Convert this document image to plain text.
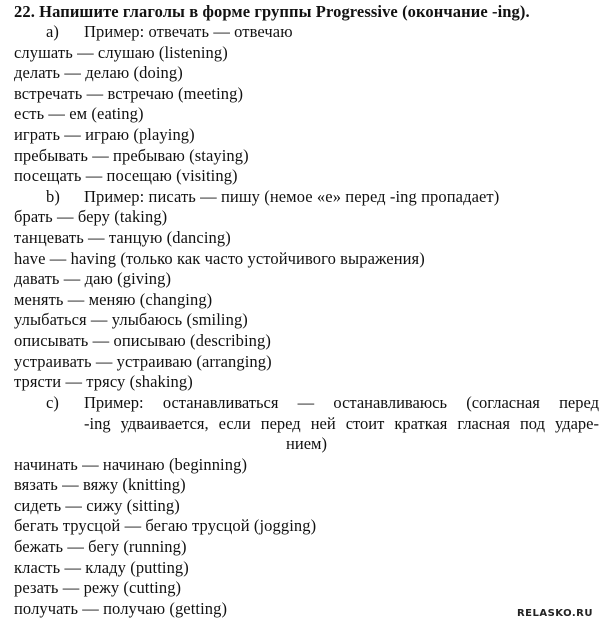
22. Напишите глаголы в форме группы Progressive (окончание -ing).
a) Пример: отвечать — отвечаю
слушать — слушаю (listening)
делать — делаю (doing)
встречать — встречаю (meeting)
есть — ем (eating)
играть — играю (playing)
пребывать — пребываю (staying)
посещать — посещаю (visiting)
b) Пример: писать — пишу (немое «е» перед -ing пропадает)
брать — беру (taking)
танцевать — танцую (dancing)
have — having (только как часто устойчивого выражения)
давать — даю (giving)
менять — меняю (changing)
улыбаться — улыбаюсь (smiling)
описывать — описываю (describing)
устраивать — устраиваю (arranging)
трясти — трясу (shaking)
c) Пример: останавливаться — останавливаюсь (согласная перед
-ing удваивается, если перед ней стоит краткая гласная под ударе-
нием)
начинать — начинаю (beginning)
вязать — вяжу (knitting)
сидеть — сижу (sitting)
бегать трусцой — бегаю трусцой (jogging)
бежать — бегу (running)
класть — кладу (putting)
резать — режу (cutting)
получать — получаю (getting)	RELASKO.RU
